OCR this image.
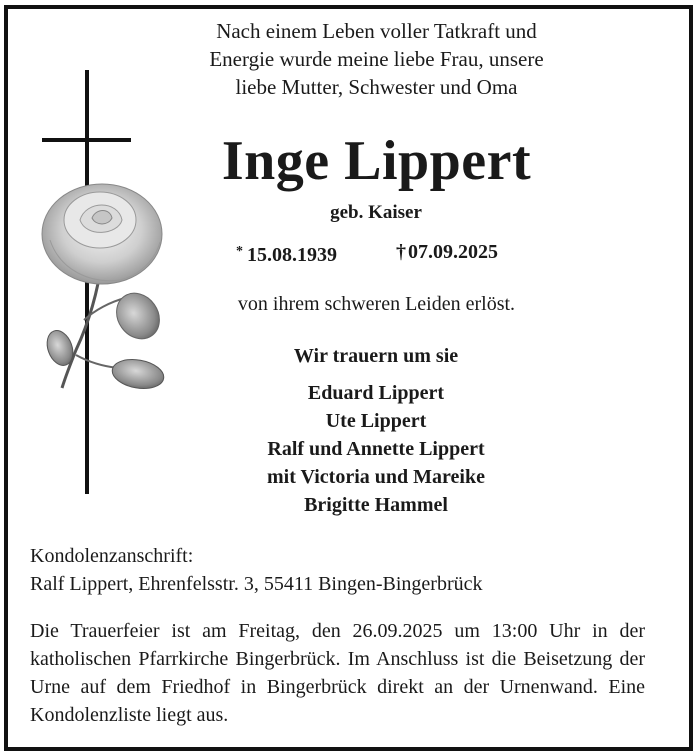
Nach einem Leben voller Tatkraft und
Energie wurde meine liebe Frau, unsere
liebe Mutter, Schwester und Oma
Inge Lippert
geb. Kaiser
* 15.08.1939	† 07.09.2025
von ihrem schweren Leiden erlöst.
Wir trauern um sie
Eduard Lippert
Ute Lippert
Ralf und Annette Lippert
mit Victoria und Mareike
Brigitte Hammel
Kondolenzanschrift:
Ralf Lippert, Ehrenfelsstr. 3, 55411 Bingen-Bingerbrück
Die Trauerfeier ist am Freitag, den 26.09.2025 um 13:00 Uhr in der katholischen Pfarrkirche Bingerbrück. Im Anschluss ist die Beisetzung der Urne auf dem Friedhof in Bingerbrück direkt an der Urnenwand. Eine Kondolenzliste liegt aus.
